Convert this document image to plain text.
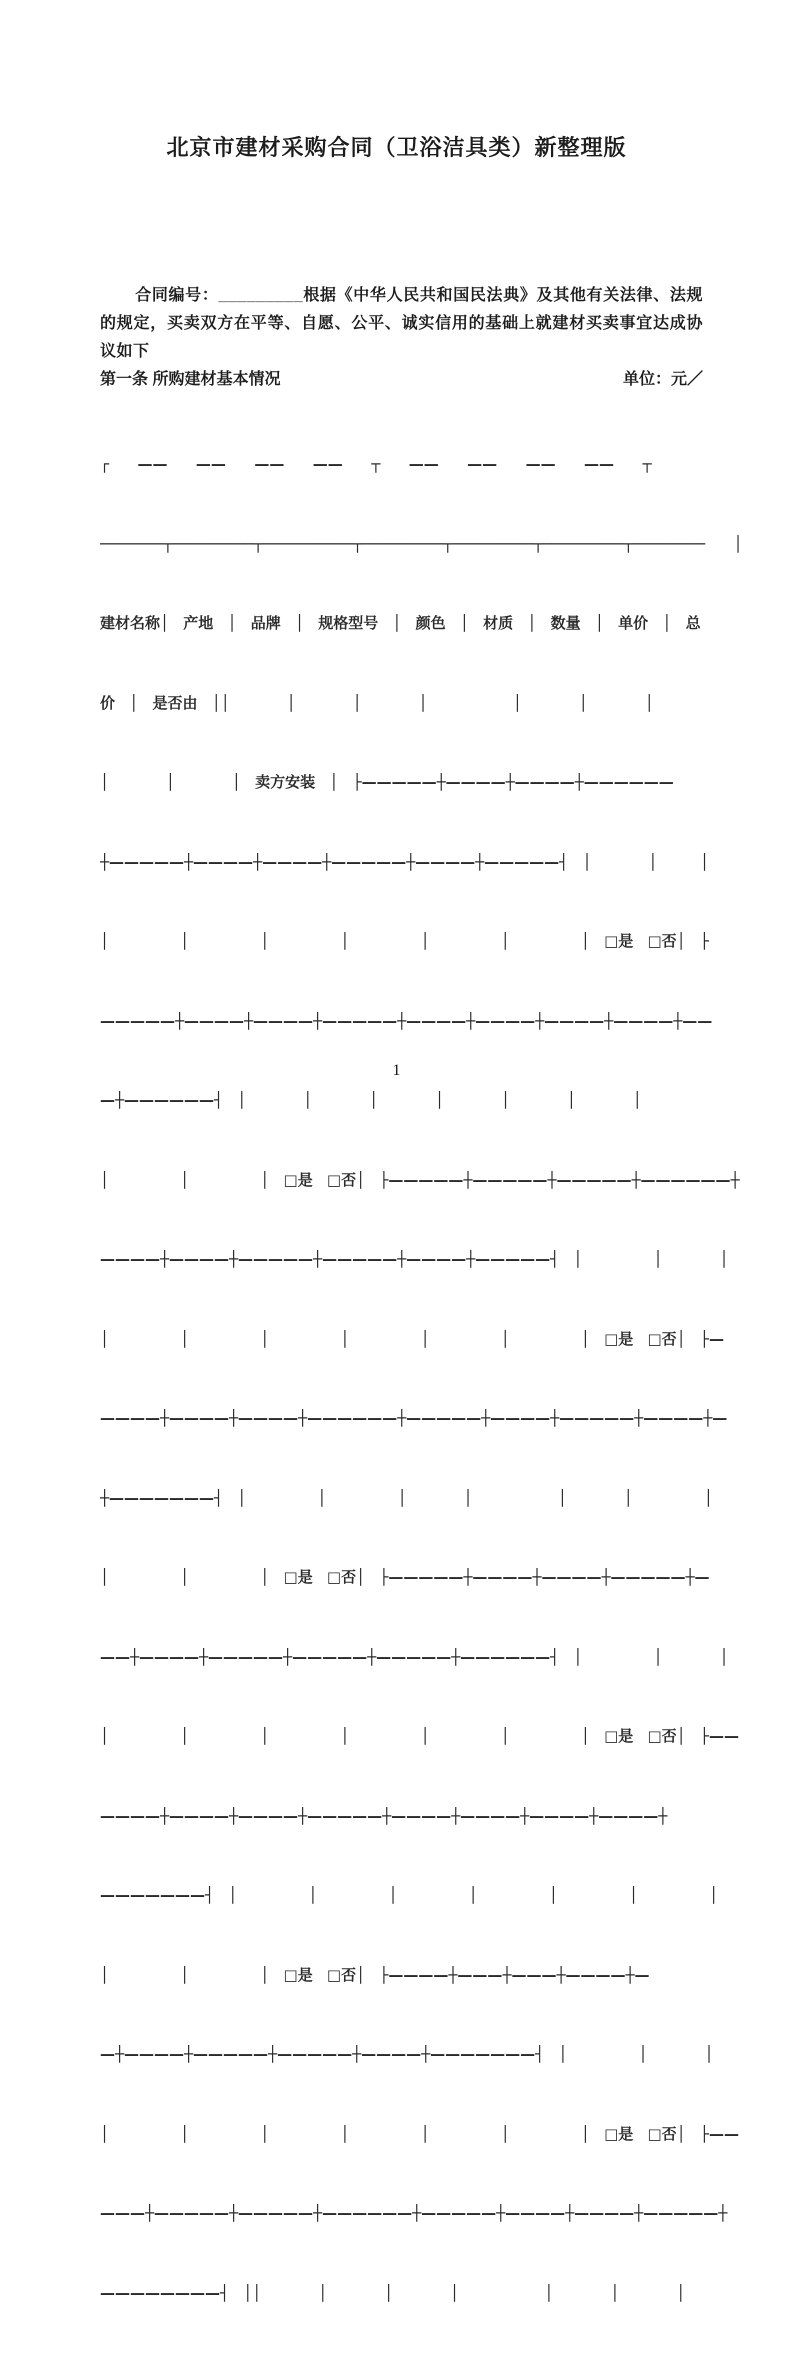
北京市建材采购合同（卫浴洁具类）新整理版

合同编号：_________根据《中华人民共和国民法典》及其他有关法律、法规的规定，买卖双方在平等、自愿、公平、诚实信用的基础上就建材买卖事宜达成协议如下

第一条 所购建材基本情况	单位：元／

┌  ——  ——  ——  ——  ┬  ——  ——  ——  ——  ┬

───────┬─────────┬──────────┬─────────┬─────────┬─────────┬────────  │

建材名称│ 产地 │ 品牌 │ 规格型号 │ 颜色 │ 材质 │ 数量 │ 单价 │ 总

价 │ 是否由 ││    │    │    │      │    │    │

│    │    │ 卖方安装 │ ├—————┼————┼————┼——————

┼—————┼————┼————┼—————┼————┼—————┤ │    │   │

│     │     │     │     │     │     │ □是 □否│ ├

—————┼————┼————┼—————┼————┼————┼————┼————┼——

—┼——————┤ │    │    │    │    │    │    │

│     │     │ □是 □否│ ├—————┼—————┼—————┼——————┼

————┼————┼—————┼—————┼————┼—————┤ │     │    │

│     │     │     │     │     │     │ □是 □否│ ├—

————┼————┼————┼——————┼—————┼————┼—————┼————┼—

┼———————┤ │     │     │    │      │    │     │

│     │     │ □是 □否│ ├—————┼————┼————┼—————┼—

——┼————┼—————┼—————┼—————┼——————┤ │     │    │

│     │     │     │     │     │     │ □是 □否│ ├——

————┼————┼————┼—————┼————┼————┼————┼————┼

———————┤ │     │     │     │     │     │     │

│     │     │ □是 □否│ ├————┼———┼———┼————┼—

—┼————┼—————┼—————┼————┼———————┤ │     │    │

│     │     │     │     │     │     │ □是 □否│ ├——

———┼—————┼—————┼——————┼—————┼————┼————┼—————┼

————————┤ ││    │    │    │      │    │    │

1
